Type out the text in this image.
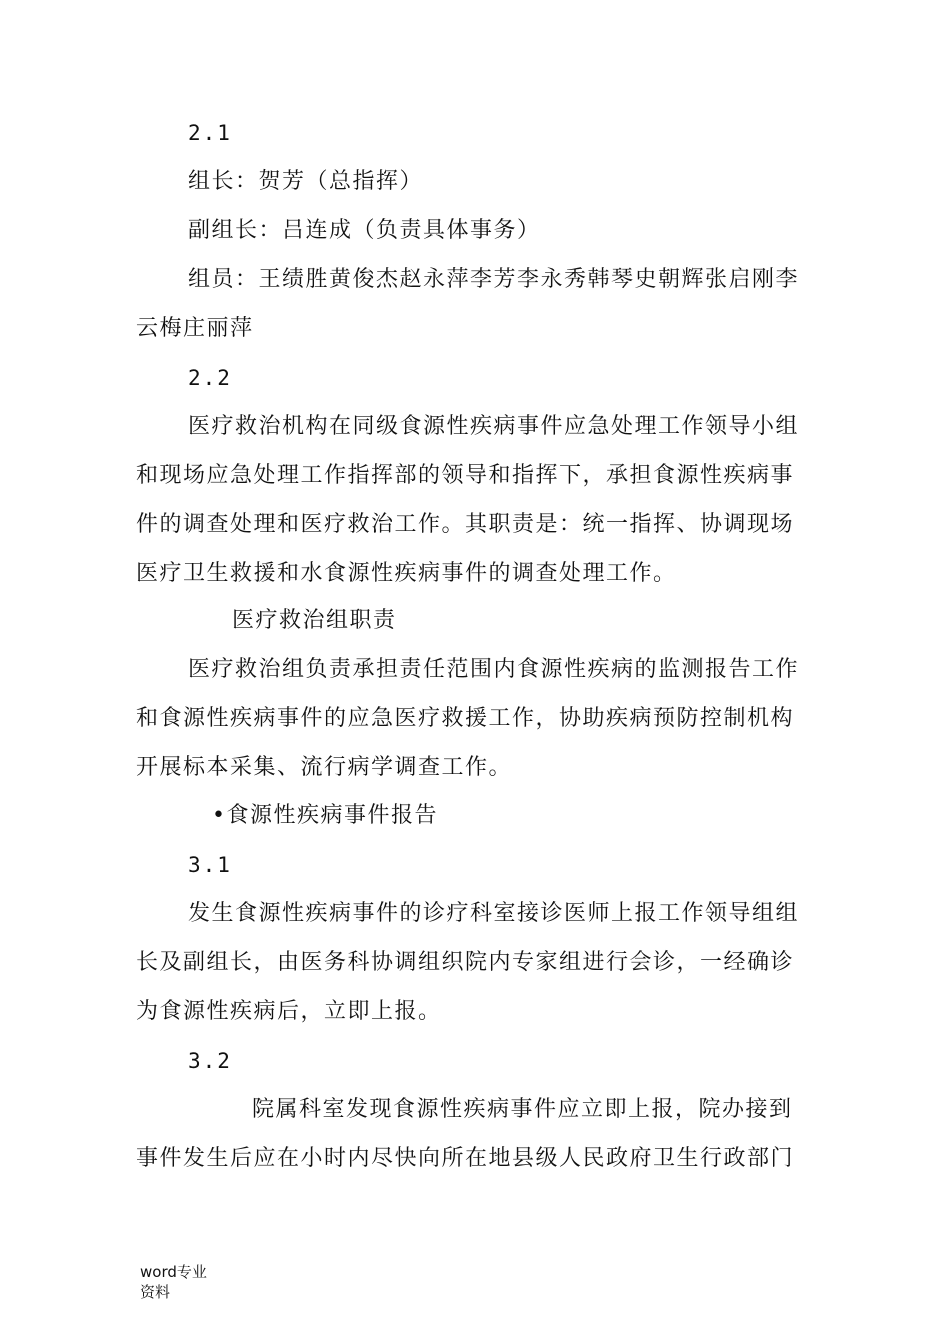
2.1
组长：贺芳（总指挥）
副组长：吕连成（负责具体事务）
组员：王绩胜黄俊杰赵永萍李芳李永秀韩琴史朝辉张启刚李
云梅庄丽萍
2.2
医疗救治机构在同级食源性疾病事件应急处理工作领导小组
和现场应急处理工作指挥部的领导和指挥下，承担食源性疾病事
件的调查处理和医疗救治工作。其职责是：统一指挥、协调现场
医疗卫生救援和水食源性疾病事件的调查处理工作。
医疗救治组职责
医疗救治组负责承担责任范围内食源性疾病的监测报告工作
和食源性疾病事件的应急医疗救援工作，协助疾病预防控制机构
开展标本采集、流行病学调查工作。
•食源性疾病事件报告
3.1
发生食源性疾病事件的诊疗科室接诊医师上报工作领导组组
长及副组长，由医务科协调组织院内专家组进行会诊，一经确诊
为食源性疾病后，立即上报。
3.2
院属科室发现食源性疾病事件应立即上报，院办接到
事件发生后应在小时内尽快向所在地县级人民政府卫生行政部门
word专业
资料
